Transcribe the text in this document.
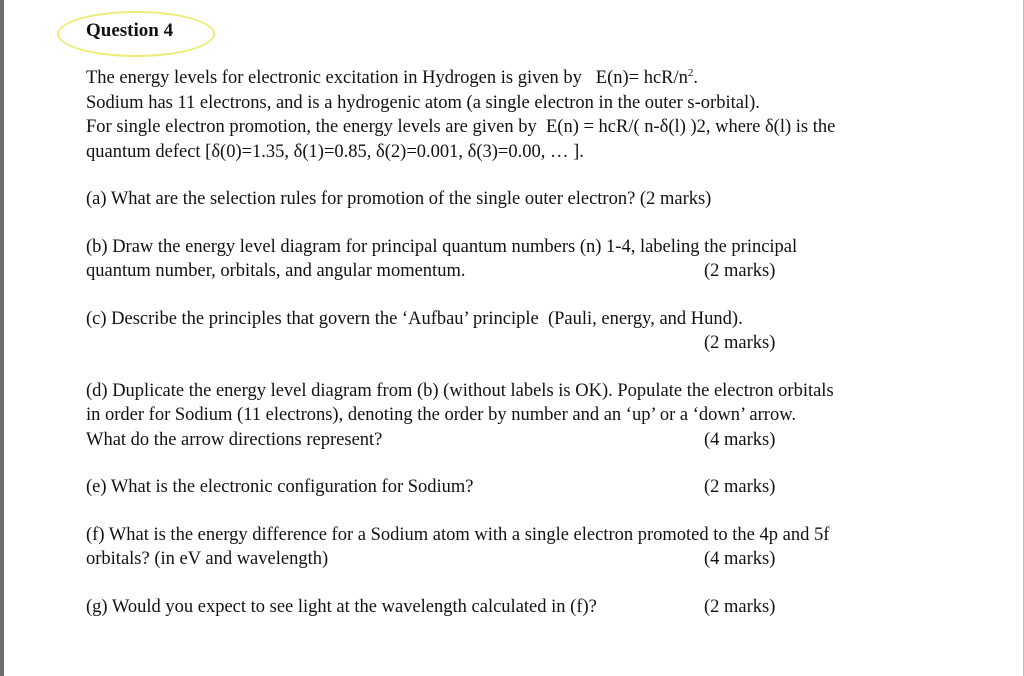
Question 4
The energy levels for electronic excitation in Hydrogen is given by   E(n)= hcR/$n^2$.
Sodium has 11 electrons, and is a hydrogenic atom (a single electron in the outer s-orbital).
For single electron promotion, the energy levels are given by  E(n) = hcR/( n-δ(l) )2, where δ(l) is the
quantum defect [δ(0)=1.35, δ(1)=0.85, δ(2)=0.001, δ(3)=0.00, … ].
(a) What are the selection rules for promotion of the single outer electron? (2 marks)
(b) Draw the energy level diagram for principal quantum numbers (n) 1-4, labeling the principal
quantum number, orbitals, and angular momentum.	(2 marks)
(c) Describe the principles that govern the ‘Aufbau’ principle  (Pauli, energy, and Hund).
(2 marks)
(d) Duplicate the energy level diagram from (b) (without labels is OK). Populate the electron orbitals
in order for Sodium (11 electrons), denoting the order by number and an ‘up’ or a ‘down’ arrow.
What do the arrow directions represent?	(4 marks)
(e) What is the electronic configuration for Sodium?	(2 marks)
(f) What is the energy difference for a Sodium atom with a single electron promoted to the 4p and 5f
orbitals? (in eV and wavelength)	(4 marks)
(g) Would you expect to see light at the wavelength calculated in (f)?	(2 marks)
